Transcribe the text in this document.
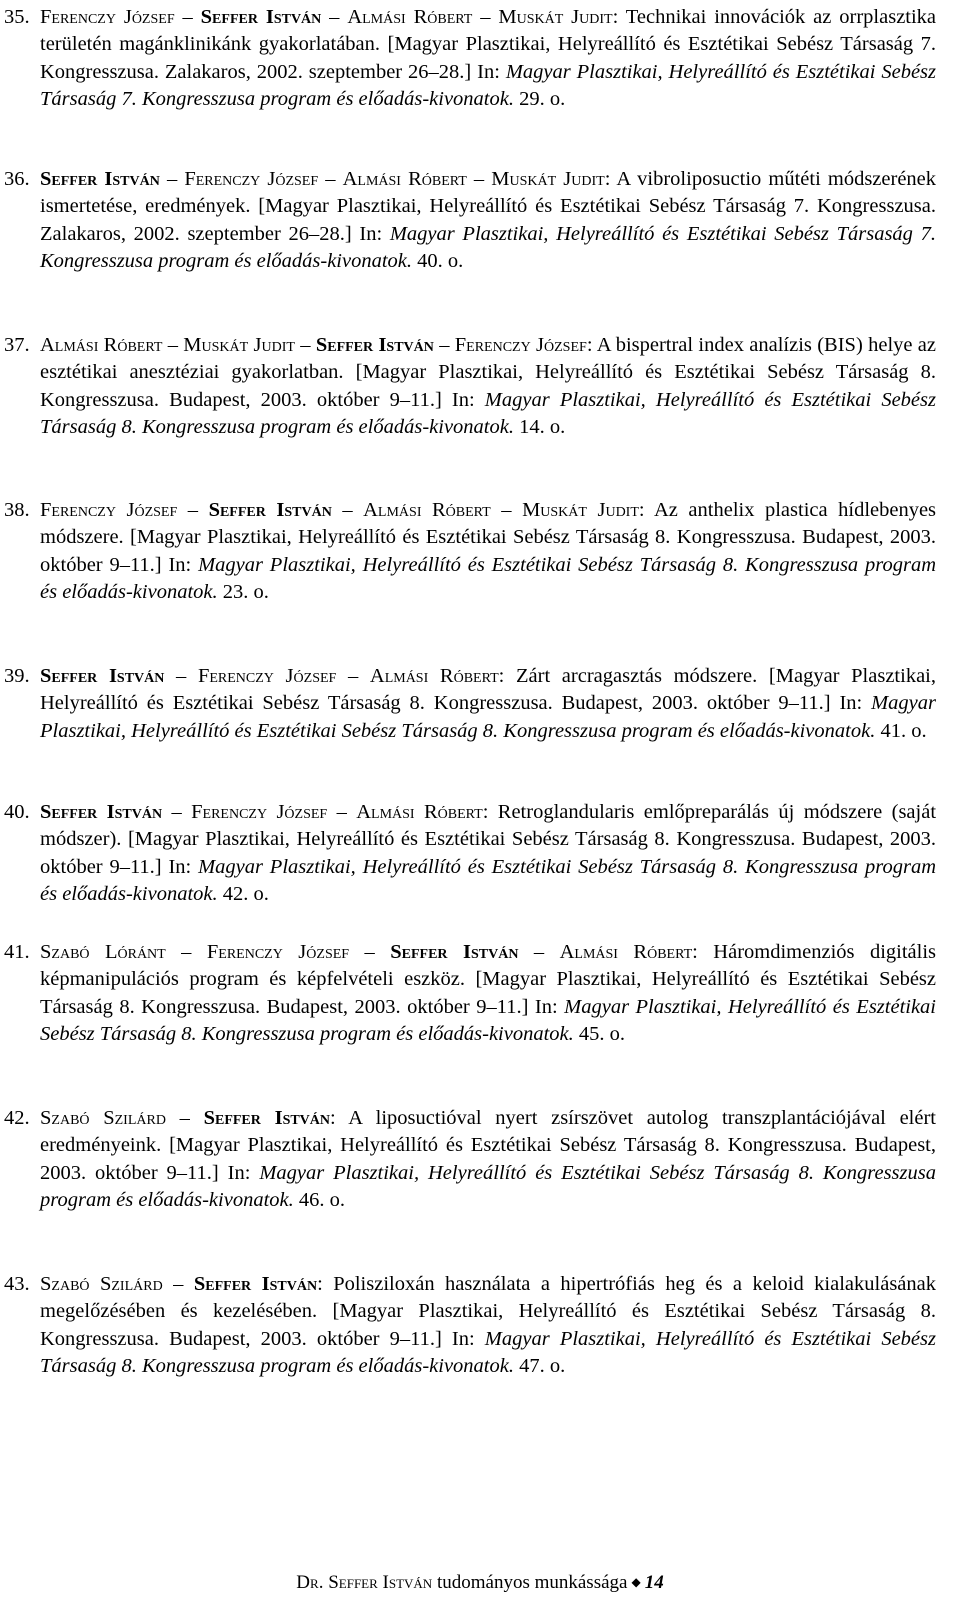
35. Ferenczy József – Seffer István – Almási Róbert – Muskát Judit: Technikai innovációk az orrplasztika területén magánklinikánk gyakorlatában. [Magyar Plasztikai, Helyreállító és Esztétikai Sebész Társaság 7. Kongresszusa. Zalakaros, 2002. szeptember 26–28.] In: Magyar Plasztikai, Helyreállító és Esztétikai Sebész Társaság 7. Kongresszusa program és előadás-kivonatok. 29. o.
36. Seffer István – Ferenczy József – Almási Róbert – Muskát Judit: A vibroliposuctio műtéti módszerének ismertetése, eredmények. [Magyar Plasztikai, Helyreállító és Esztétikai Sebész Társaság 7. Kongresszusa. Zalakaros, 2002. szeptember 26–28.] In: Magyar Plasztikai, Helyreállító és Esztétikai Sebész Társaság 7. Kongresszusa program és előadás-kivonatok. 40. o.
37. Almási Róbert – Muskát Judit – Seffer István – Ferenczy József: A bispertral index analízis (BIS) helye az esztétikai anesztéziai gyakorlatban. [Magyar Plasztikai, Helyreállító és Esztétikai Sebész Társaság 8. Kongresszusa. Budapest, 2003. október 9–11.] In: Magyar Plasztikai, Helyreállító és Esztétikai Sebész Társaság 8. Kongresszusa program és előadás-kivonatok. 14. o.
38. Ferenczy József – Seffer István – Almási Róbert – Muskát Judit: Az anthelix plastica hídlebenyes módszere. [Magyar Plasztikai, Helyreállító és Esztétikai Sebész Társaság 8. Kongresszusa. Budapest, 2003. október 9–11.] In: Magyar Plasztikai, Helyreállító és Esztétikai Sebész Társaság 8. Kongresszusa program és előadás-kivonatok. 23. o.
39. Seffer István – Ferenczy József – Almási Róbert: Zárt arcragasztás módszere. [Magyar Plasztikai, Helyreállító és Esztétikai Sebész Társaság 8. Kongresszusa. Budapest, 2003. október 9–11.] In: Magyar Plasztikai, Helyreállító és Esztétikai Sebész Társaság 8. Kongresszusa program és előadás-kivonatok. 41. o.
40. Seffer István – Ferenczy József – Almási Róbert: Retroglandularis emlőpreparálás új módszere (saját módszer). [Magyar Plasztikai, Helyreállító és Esztétikai Sebész Társaság 8. Kongresszusa. Budapest, 2003. október 9–11.] In: Magyar Plasztikai, Helyreállító és Esztétikai Sebész Társaság 8. Kongresszusa program és előadás-kivonatok. 42. o.
41. Szabó Lóránt – Ferenczy József – Seffer István – Almási Róbert: Háromdimenziós digitális képmanipulációs program és képfelvételi eszköz. [Magyar Plasztikai, Helyreállító és Esztétikai Sebész Társaság 8. Kongresszusa. Budapest, 2003. október 9–11.] In: Magyar Plasztikai, Helyreállító és Esztétikai Sebész Társaság 8. Kongresszusa program és előadás-kivonatok. 45. o.
42. Szabó Szilárd – Seffer István: A liposuctióval nyert zsírszövet autolog transzplantációjával elért eredményeink. [Magyar Plasztikai, Helyreállító és Esztétikai Sebész Társaság 8. Kongresszusa. Budapest, 2003. október 9–11.] In: Magyar Plasztikai, Helyreállító és Esztétikai Sebész Társaság 8. Kongresszusa program és előadás-kivonatok. 46. o.
43. Szabó Szilárd – Seffer István: Polisziloxán használata a hipertrófiás heg és a keloid kialakulásának megelőzésében és kezelésében. [Magyar Plasztikai, Helyreállító és Esztétikai Sebész Társaság 8. Kongresszusa. Budapest, 2003. október 9–11.] In: Magyar Plasztikai, Helyreállító és Esztétikai Sebész Társaság 8. Kongresszusa program és előadás-kivonatok. 47. o.
Dr. Seffer István tudományos munkássága ◆ 14
